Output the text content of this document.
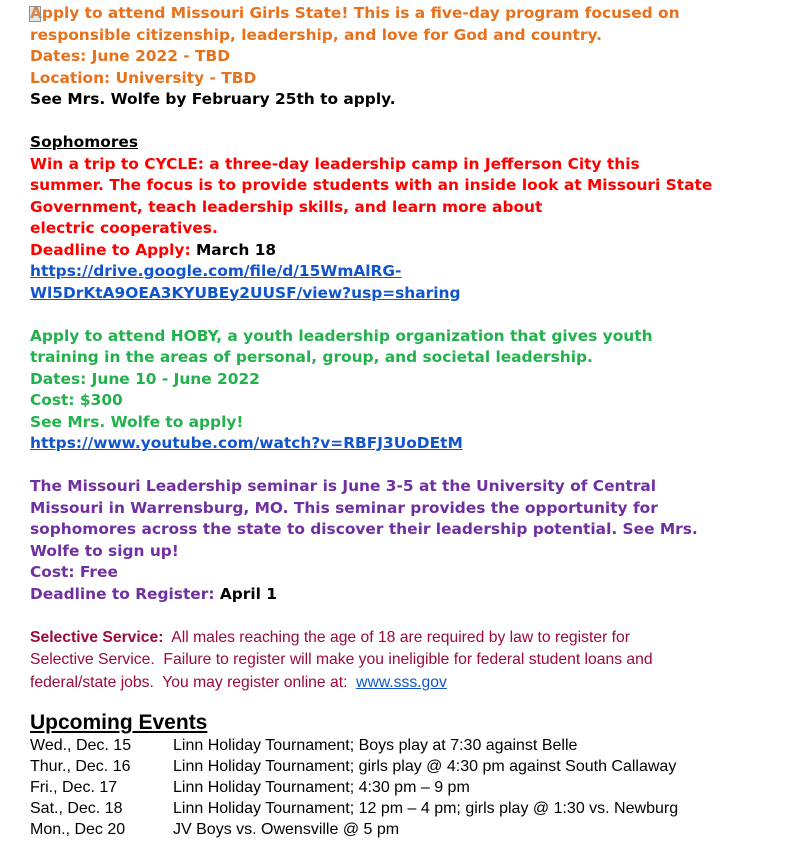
Apply to attend Missouri Girls State! This is a five-day program focused on

responsible citizenship, leadership, and love for God and country.

Dates: June 2022 - TBD

Location: University - TBD

See Mrs. Wolfe by February 25th to apply.

Sophomores

Win a trip to CYCLE: a three-day leadership camp in Jefferson City this

summer. The focus is to provide students with an inside look at Missouri State

Government, teach leadership skills, and learn more about

electric cooperatives.

Deadline to Apply: March 18

https://drive.google.com/file/d/15WmAlRG-
Wl5DrKtA9OEA3KYUBEy2UUSF/view?usp=sharing

Apply to attend HOBY, a youth leadership organization that gives youth

training in the areas of personal, group, and societal leadership.

Dates: June 10 - June 2022

Cost: $300

See Mrs. Wolfe to apply!

https://www.youtube.com/watch?v=RBFJ3UoDEtM

The Missouri Leadership seminar is June 3-5 at the University of Central

Missouri in Warrensburg, MO. This seminar provides the opportunity for

sophomores across the state to discover their leadership potential. See Mrs.

Wolfe to sign up!

Cost: Free

Deadline to Register: April 1

Selective Service:  All males reaching the age of 18 are required by law to register for

Selective Service.  Failure to register will make you ineligible for federal student loans and

federal/state jobs.  You may register online at:  www.sss.gov

Upcoming Events

Wed., Dec. 15	Linn Holiday Tournament; Boys play at 7:30 against Belle
Thur., Dec. 16	Linn Holiday Tournament; girls play @ 4:30 pm against South Callaway
Fri., Dec. 17	Linn Holiday Tournament; 4:30 pm – 9 pm
Sat., Dec. 18	Linn Holiday Tournament; 12 pm – 4 pm; girls play @ 1:30 vs. Newburg
Mon., Dec 20	JV Boys vs. Owensville @ 5 pm
